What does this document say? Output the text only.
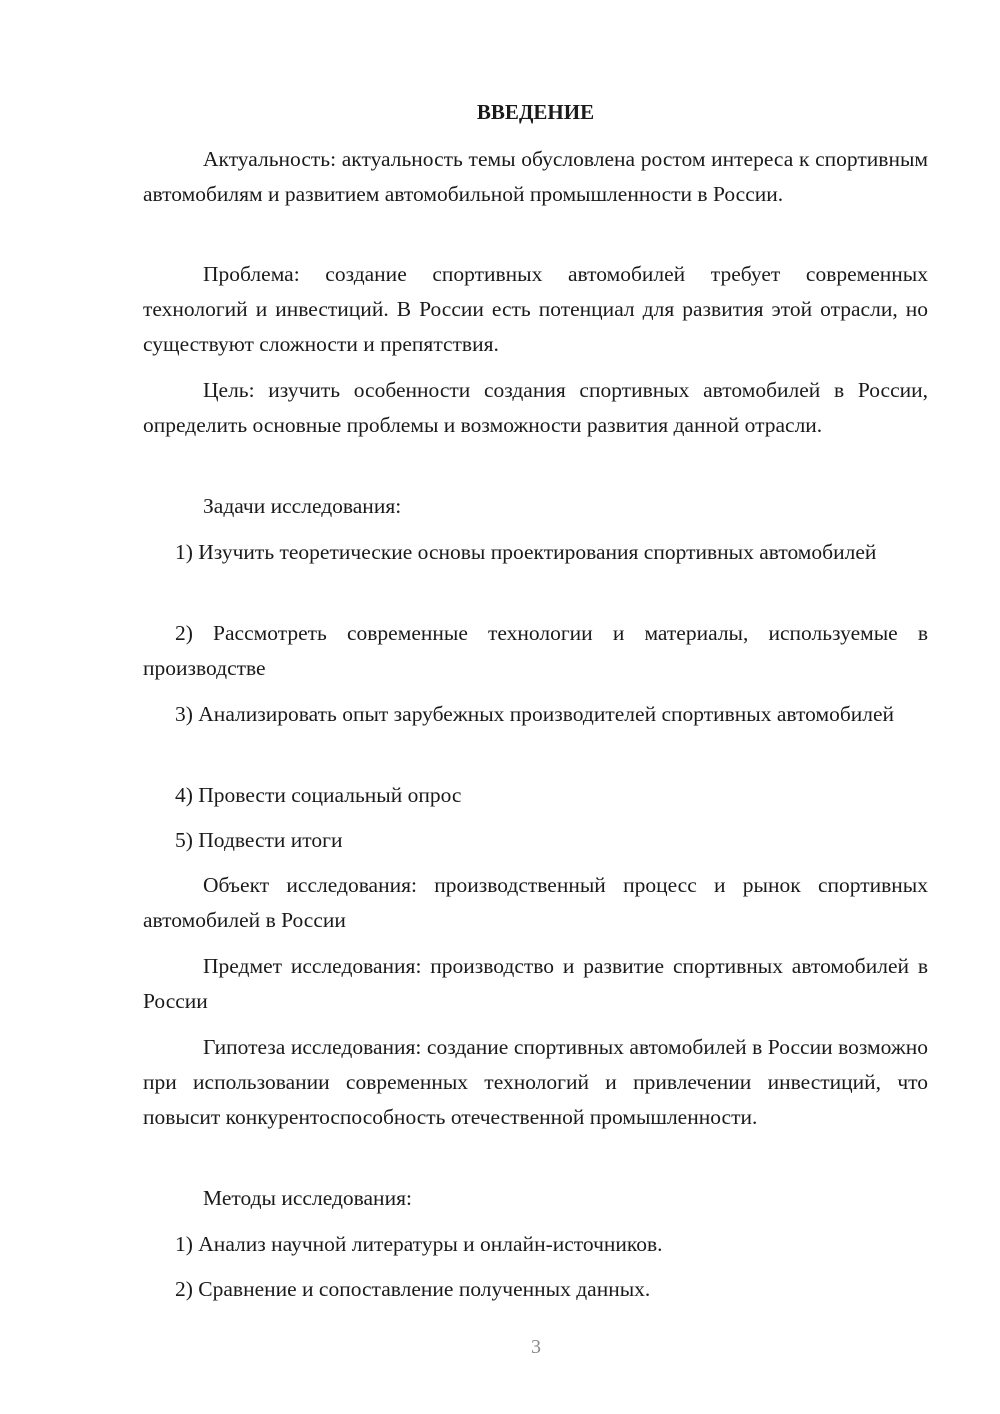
ВВЕДЕНИЕ

Актуальность: актуальность темы обусловлена ростом интереса к спортивным автомобилям и развитием автомобильной промышленности в России.

Проблема: создание спортивных автомобилей требует современных технологий и инвестиций. В России есть потенциал для развития этой отрасли, но существуют сложности и препятствия.

Цель: изучить особенности создания спортивных автомобилей в России, определить основные проблемы и возможности развития данной отрасли.

Задачи исследования:

1) Изучить теоретические основы проектирования спортивных автомобилей

2) Рассмотреть современные технологии и материалы, используемые в производстве

3) Анализировать опыт зарубежных производителей спортивных автомобилей

4) Провести социальный опрос

5) Подвести итоги

Объект исследования: производственный процесс и рынок спортивных автомобилей в России

Предмет исследования: производство и развитие спортивных автомобилей в России

Гипотеза исследования: создание спортивных автомобилей в России возможно при использовании современных технологий и привлечении инвестиций, что повысит конкурентоспособность отечественной промышленности.

Методы исследования:

1) Анализ научной литературы и онлайн-источников.

2) Сравнение и сопоставление полученных данных.

3
